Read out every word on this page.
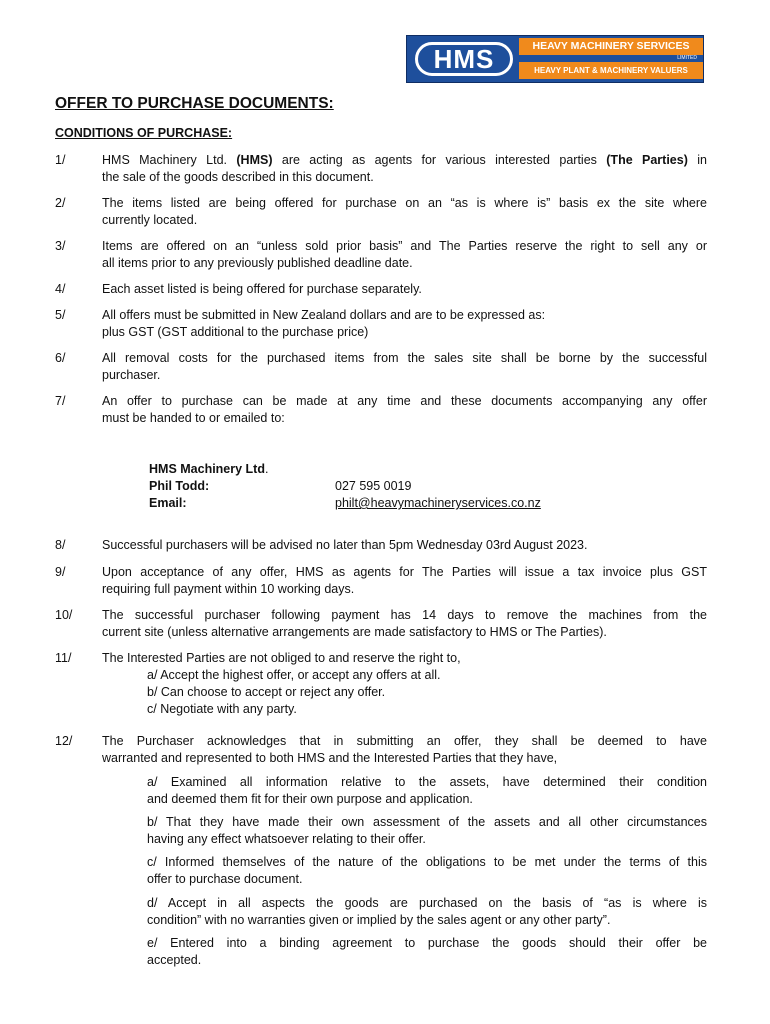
HMS	HEAVY MACHINERY SERVICES
LIMITED
HEAVY PLANT & MACHINERY VALUERS
OFFER TO PURCHASE DOCUMENTS:
CONDITIONS OF PURCHASE:
1/	HMS Machinery Ltd. (HMS) are acting as agents for various interested parties (The Parties) in
the sale of the goods described in this document.
2/	The items listed are being offered for purchase on an “as is where is” basis ex the site where
currently located.
3/	Items are offered on an “unless sold prior basis” and The Parties reserve the right to sell any or
all items prior to any previously published deadline date.
4/	Each asset listed is being offered for purchase separately.
5/	All offers must be submitted in New Zealand dollars and are to be expressed as:
plus GST (GST additional to the purchase price)
6/	All removal costs for the purchased items from the sales site shall be borne by the successful
purchaser.
7/	An offer to purchase can be made at any time and these documents accompanying any offer
must be handed to or emailed to:
HMS Machinery Ltd.
Phil Todd:	027 595 0019
Email:	philt@heavymachineryservices.co.nz
8/	Successful purchasers will be advised no later than 5pm Wednesday 03rd August 2023.
9/	Upon acceptance of any offer, HMS as agents for The Parties will issue a tax invoice plus GST
requiring full payment within 10 working days.
10/ The successful purchaser following payment has 14 days to remove the machines from the
current site (unless alternative arrangements are made satisfactory to HMS or The Parties).
11/ The Interested Parties are not obliged to and reserve the right to,
a/ Accept the highest offer, or accept any offers at all.
b/ Can choose to accept or reject any offer.
c/ Negotiate with any party.
12/ The Purchaser acknowledges that in submitting an offer, they shall be deemed to have
warranted and represented to both HMS and the Interested Parties that they have,
a/ Examined all information relative to the assets, have determined their condition
and deemed them fit for their own purpose and application.
b/ That they have made their own assessment of the assets and all other circumstances
having any effect whatsoever relating to their offer.
c/ Informed themselves of the nature of the obligations to be met under the terms of this
offer to purchase document.
d/ Accept in all aspects the goods are purchased on the basis of “as is where is
condition” with no warranties given or implied by the sales agent or any other party”.
e/ Entered into a binding agreement to purchase the goods should their offer be
accepted.
